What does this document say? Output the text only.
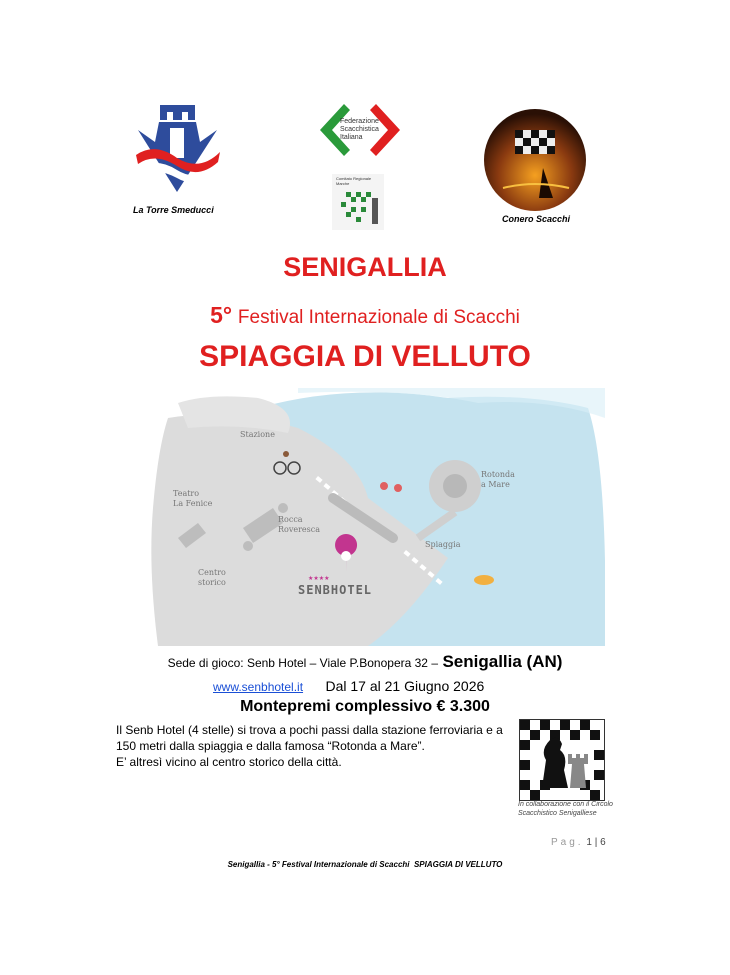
La Torre Smeducci
Federazione Scacchistica Italiana
Comitato Regionale Marche
Conero Scacchi
SENIGALLIA
5° Festival Internazionale di Scacchi
SPIAGGIA DI VELLUTO
Stazione
Teatro
La Fenice
Rocca
Roveresca
Centro
storico
Rotonda
a Mare
Spiaggia
★★★★
SENBHOTEL
Sede di gioco: Senb Hotel – Viale P.Bonopera 32 – Senigallia (AN)
www.senbhotel.it Dal 17 al 21 Giugno 2026
Montepremi complessivo € 3.300
Il Senb Hotel (4 stelle) si trova a pochi passi dalla stazione ferroviaria e a 150 metri dalla spiaggia e dalla famosa “Rotonda a Mare”.
E’ altresì vicino al centro storico della città.
In collaborazione con il Circolo Scacchistico Senigalliese
Pag. 1 | 6
Senigallia - 5° Festival Internazionale di Scacchi  SPIAGGIA DI VELLUTO
